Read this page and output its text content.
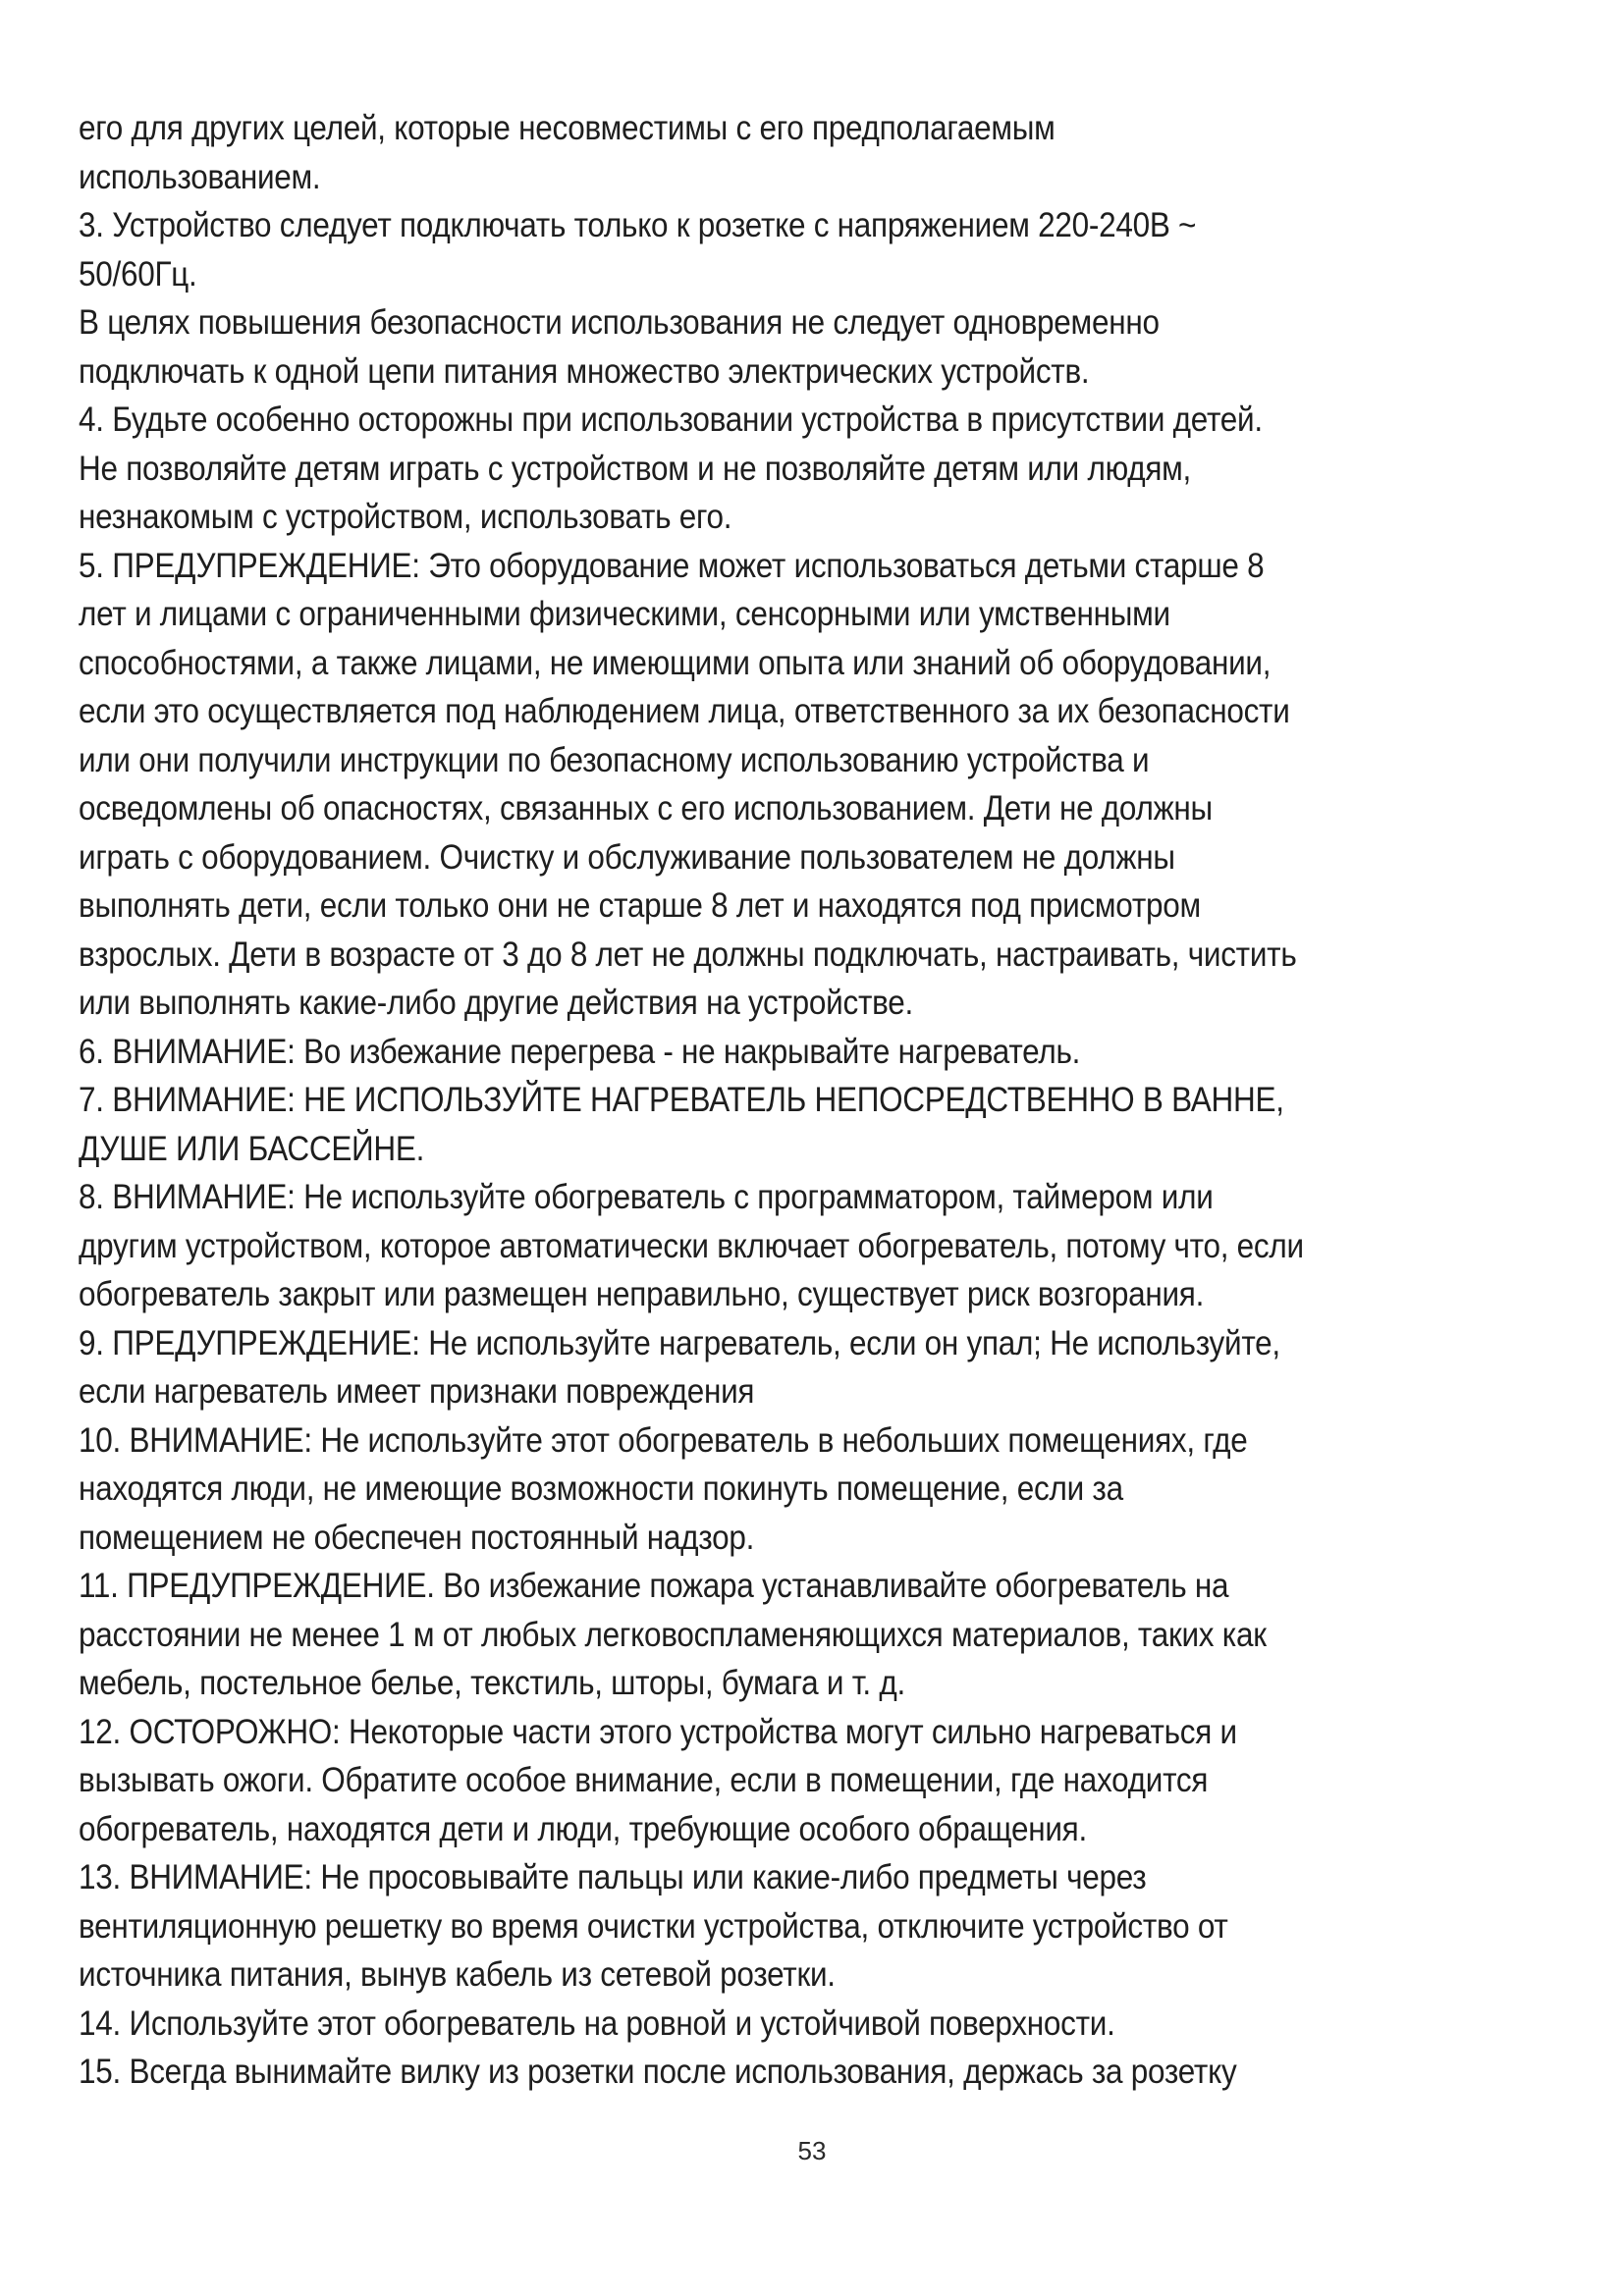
его для других целей, которые несовместимы с его предполагаемым
использованием.
3. Устройство следует подключать только к розетке с напряжением 220-240В ~
50/60Гц.
В целях повышения безопасности использования не следует одновременно
подключать к одной цепи питания множество электрических устройств.
4. Будьте особенно осторожны при использовании устройства в присутствии детей.
Не позволяйте детям играть с устройством и не позволяйте детям или людям,
незнакомым с устройством, использовать его.
5. ПРЕДУПРЕЖДЕНИЕ: Это оборудование может использоваться детьми старше 8
лет и лицами с ограниченными физическими, сенсорными или умственными
способностями, а также лицами, не имеющими опыта или знаний об оборудовании,
если это осуществляется под наблюдением лица, ответственного за их безопасности
или они получили инструкции по безопасному использованию устройства и
осведомлены об опасностях, связанных с его использованием. Дети не должны
играть с оборудованием. Очистку и обслуживание пользователем не должны
выполнять дети, если только они не старше 8 лет и находятся под присмотром
взрослых. Дети в возрасте от 3 до 8 лет не должны подключать, настраивать, чистить
или выполнять какие-либо другие действия на устройстве.
6. ВНИМАНИЕ: Во избежание перегрева - не накрывайте нагреватель.
7. ВНИМАНИЕ: НЕ ИСПОЛЬЗУЙТЕ НАГРЕВАТЕЛЬ НЕПОСРЕДСТВЕННО В ВАННЕ,
ДУШЕ ИЛИ БАССЕЙНЕ.
8. ВНИМАНИЕ: Не используйте обогреватель с программатором, таймером или
другим устройством, которое автоматически включает обогреватель, потому что, если
обогреватель закрыт или размещен неправильно, существует риск возгорания.
9. ПРЕДУПРЕЖДЕНИЕ: Не используйте нагреватель, если он упал; Не используйте,
если нагреватель имеет признаки повреждения
10. ВНИМАНИЕ: Не используйте этот обогреватель в небольших помещениях, где
находятся люди, не имеющие возможности покинуть помещение, если за
помещением не обеспечен постоянный надзор.
11. ПРЕДУПРЕЖДЕНИЕ. Во избежание пожара устанавливайте обогреватель на
расстоянии не менее 1 м от любых легковоспламеняющихся материалов, таких как
мебель, постельное белье, текстиль, шторы, бумага и т. д.
12. ОСТОРОЖНО: Некоторые части этого устройства могут сильно нагреваться и
вызывать ожоги. Обратите особое внимание, если в помещении, где находится
обогреватель, находятся дети и люди, требующие особого обращения.
13. ВНИМАНИЕ: Не просовывайте пальцы или какие-либо предметы через
вентиляционную решетку во время очистки устройства, отключите устройство от
источника питания, вынув кабель из сетевой розетки.
14. Используйте этот обогреватель на ровной и устойчивой поверхности.
15. Всегда вынимайте вилку из розетки после использования, держась за розетку
53
